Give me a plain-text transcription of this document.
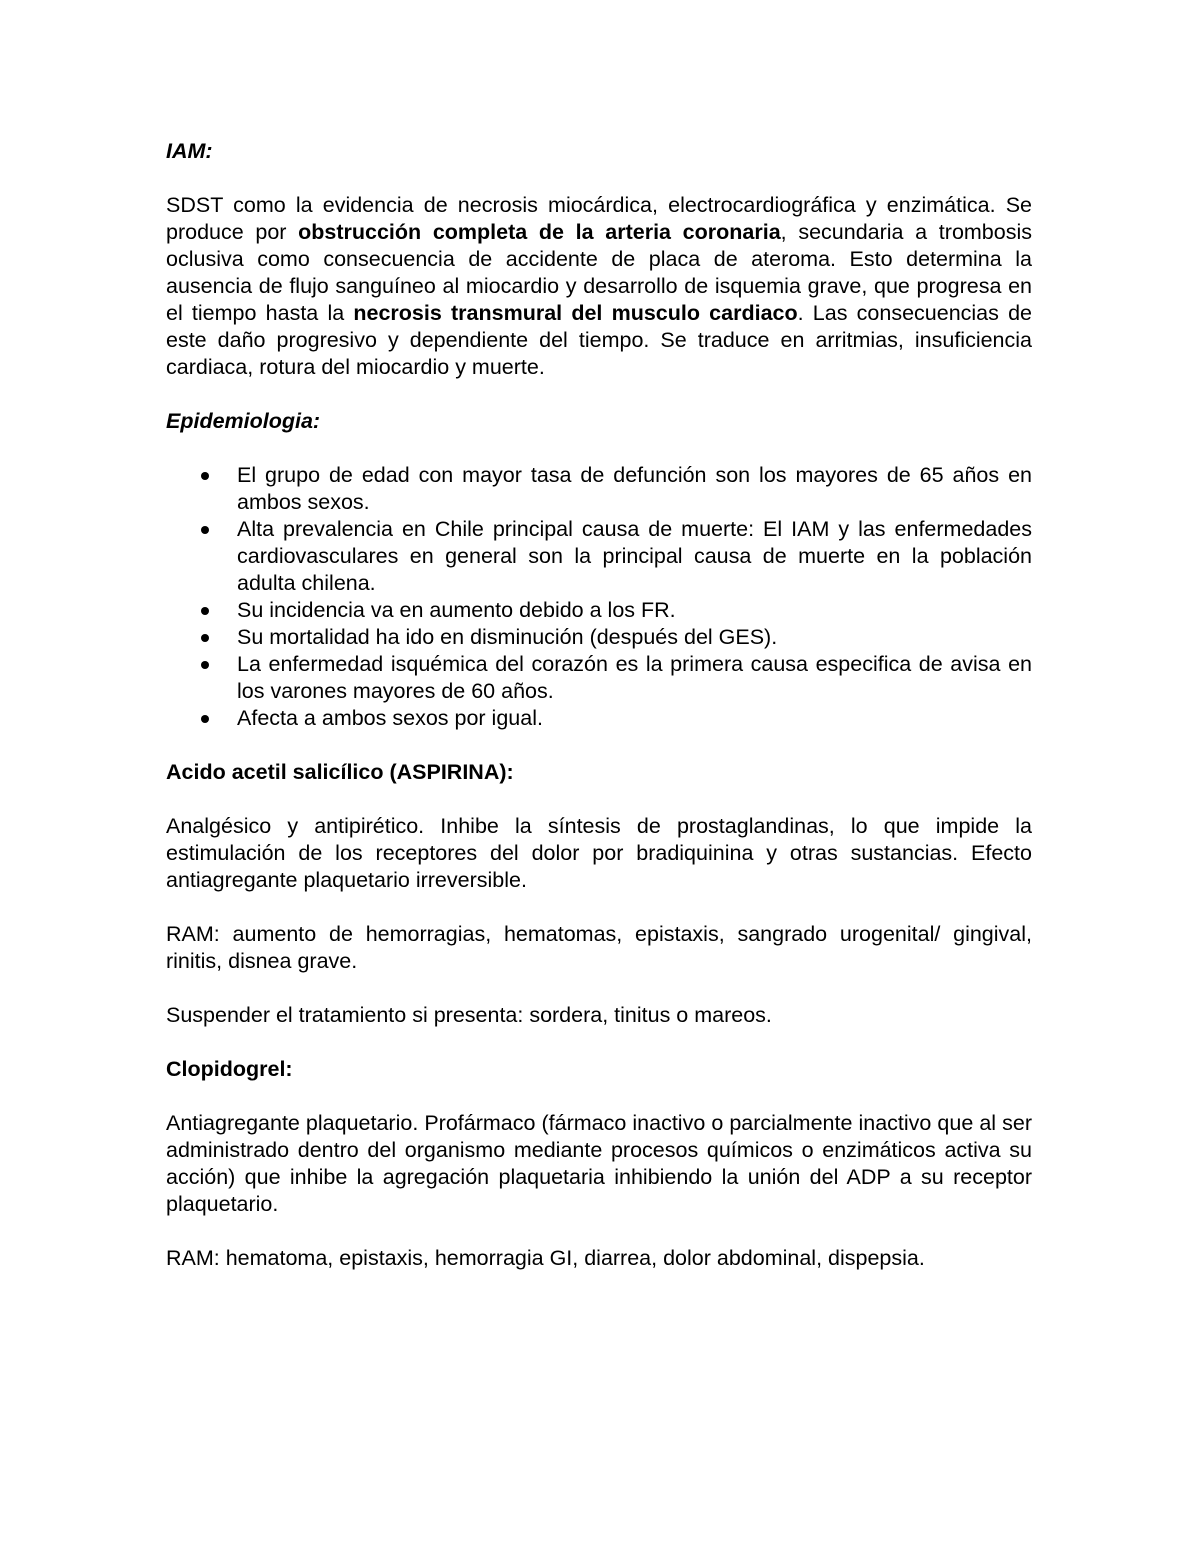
IAM:

SDST como la evidencia de necrosis miocárdica, electrocardiográfica y enzimática. Se produce por obstrucción completa de la arteria coronaria, secundaria a trombosis oclusiva como consecuencia de accidente de placa de ateroma. Esto determina la ausencia de flujo sanguíneo al miocardio y desarrollo de isquemia grave, que progresa en el tiempo hasta la necrosis transmural del musculo cardiaco. Las consecuencias de este daño progresivo y dependiente del tiempo. Se traduce en arritmias, insuficiencia cardiaca, rotura del miocardio y muerte.

Epidemiologia:
El grupo de edad con mayor tasa de defunción son los mayores de 65 años en ambos sexos.
Alta prevalencia en Chile principal causa de muerte: El IAM y las enfermedades cardiovasculares en general son la principal causa de muerte en la población adulta chilena.
Su incidencia va en aumento debido a los FR.
Su mortalidad ha ido en disminución (después del GES).
La enfermedad isquémica del corazón es la primera causa especifica de avisa en los varones mayores de 60 años.
Afecta a ambos sexos por igual.
Acido acetil salicílico (ASPIRINA):

Analgésico y antipirético. Inhibe la síntesis de prostaglandinas, lo que impide la estimulación de los receptores del dolor por bradiquinina y otras sustancias. Efecto antiagregante plaquetario irreversible.

RAM: aumento de hemorragias, hematomas, epistaxis, sangrado urogenital/ gingival, rinitis, disnea grave.

Suspender el tratamiento si presenta: sordera, tinitus o mareos.

Clopidogrel:

Antiagregante plaquetario. Profármaco (fármaco inactivo o parcialmente inactivo que al ser administrado dentro del organismo mediante procesos químicos o enzimáticos activa su acción) que inhibe la agregación plaquetaria inhibiendo la unión del ADP a su receptor plaquetario.

RAM: hematoma, epistaxis, hemorragia GI, diarrea, dolor abdominal, dispepsia.
